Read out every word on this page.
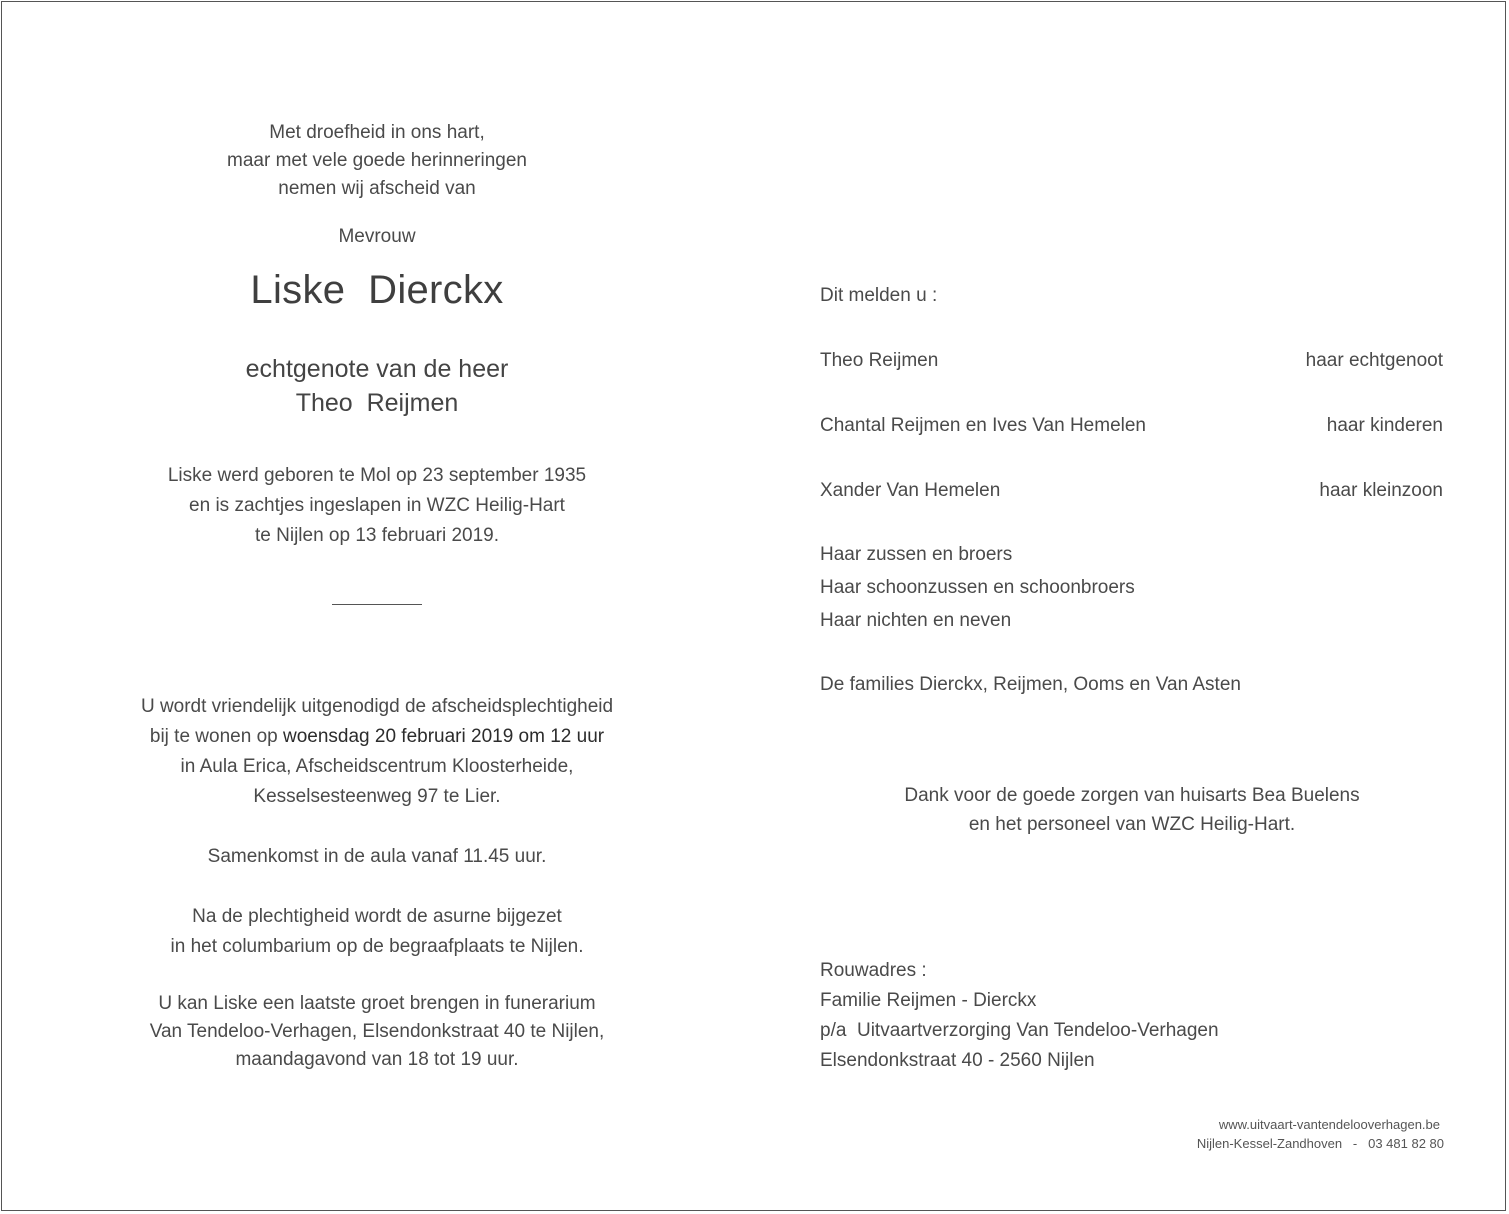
Met droefheid in ons hart,
maar met vele goede herinneringen
nemen wij afscheid van
Mevrouw
Liske  Dierckx
echtgenote van de heer
Theo  Reijmen
Liske werd geboren te Mol op 23 september 1935
en is zachtjes ingeslapen in WZC Heilig-Hart
te Nijlen op 13 februari 2019.
U wordt vriendelijk uitgenodigd de afscheidsplechtigheid
bij te wonen op woensdag 20 februari 2019 om 12 uur
in Aula Erica, Afscheidscentrum Kloosterheide,
Kesselsesteenweg 97 te Lier.
Samenkomst in de aula vanaf 11.45 uur.
Na de plechtigheid wordt de asurne bijgezet
in het columbarium op de begraafplaats te Nijlen.
U kan Liske een laatste groet brengen in funerarium
Van Tendeloo-Verhagen, Elsendonkstraat 40 te Nijlen,
maandagavond van 18 tot 19 uur.
Dit melden u :
Theo Reijmen	haar echtgenoot
Chantal Reijmen en Ives Van Hemelen	haar kinderen
Xander Van Hemelen	haar kleinzoon
Haar zussen en broers
Haar schoonzussen en schoonbroers
Haar nichten en neven
De families Dierckx, Reijmen, Ooms en Van Asten
Dank voor de goede zorgen van huisarts Bea Buelens
en het personeel van WZC Heilig-Hart.
Rouwadres :
Familie Reijmen - Dierckx
p/a  Uitvaartverzorging Van Tendeloo-Verhagen
Elsendonkstraat 40 - 2560 Nijlen
www.uitvaart-vantendelooverhagen.be
Nijlen-Kessel-Zandhoven   -   03 481 82 80
